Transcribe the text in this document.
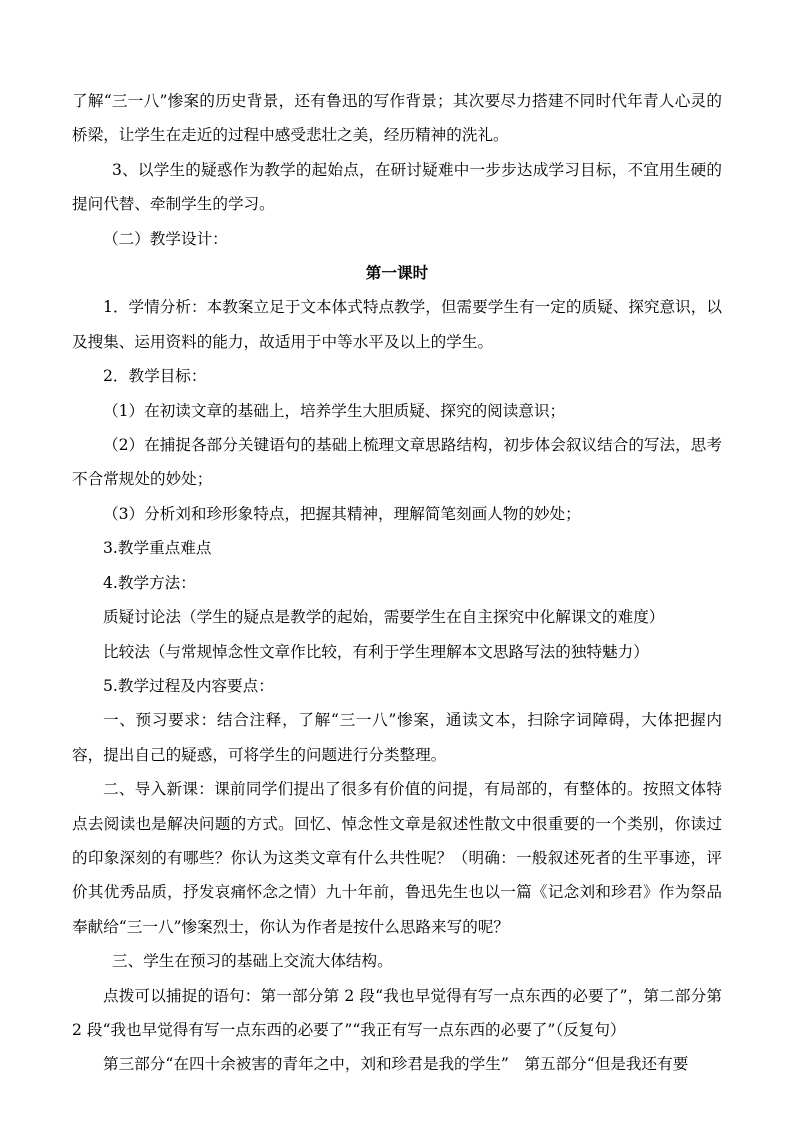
了解“三一八”惨案的历史背景，还有鲁迅的写作背景；其次要尽力搭建不同时代年青人心灵的桥梁，让学生在走近的过程中感受悲壮之美，经历精神的洗礼。

3、以学生的疑惑作为教学的起始点，在研讨疑难中一步步达成学习目标，不宜用生硬的提问代替、牵制学生的学习。

（二）教学设计：

第一课时

1．学情分析：本教案立足于文本体式特点教学，但需要学生有一定的质疑、探究意识，以及搜集、运用资料的能力，故适用于中等水平及以上的学生。

2．教学目标：

（1）在初读文章的基础上，培养学生大胆质疑、探究的阅读意识；

（2）在捕捉各部分关键语句的基础上梳理文章思路结构，初步体会叙议结合的写法，思考不合常规处的妙处；

（3）分析刘和珍形象特点，把握其精神，理解简笔刻画人物的妙处；

3.教学重点难点

4.教学方法：

质疑讨论法（学生的疑点是教学的起始，需要学生在自主探究中化解课文的难度）

比较法（与常规悼念性文章作比较，有利于学生理解本文思路写法的独特魅力）

5.教学过程及内容要点：

一、预习要求：结合注释，了解“三一八”惨案，通读文本，扫除字词障碍，大体把握内容，提出自己的疑惑，可将学生的问题进行分类整理。

二、导入新课：课前同学们提出了很多有价值的问提，有局部的，有整体的。按照文体特点去阅读也是解决问题的方式。回忆、悼念性文章是叙述性散文中很重要的一个类别，你读过的印象深刻的有哪些？你认为这类文章有什么共性呢？（明确：一般叙述死者的生平事迹，评价其优秀品质，抒发哀痛怀念之情）九十年前，鲁迅先生也以一篇《记念刘和珍君》作为祭品奉献给“三一八”惨案烈士，你认为作者是按什么思路来写的呢？

三、学生在预习的基础上交流大体结构。

点拨可以捕捉的语句：第一部分第 2 段“我也早觉得有写一点东西的必要了”，第二部分第 2 段“我也早觉得有写一点东西的必要了”“我正有写一点东西的必要了”（反复句）

第三部分“在四十余被害的青年之中，刘和珍君是我的学生”　第五部分“但是我还有要
